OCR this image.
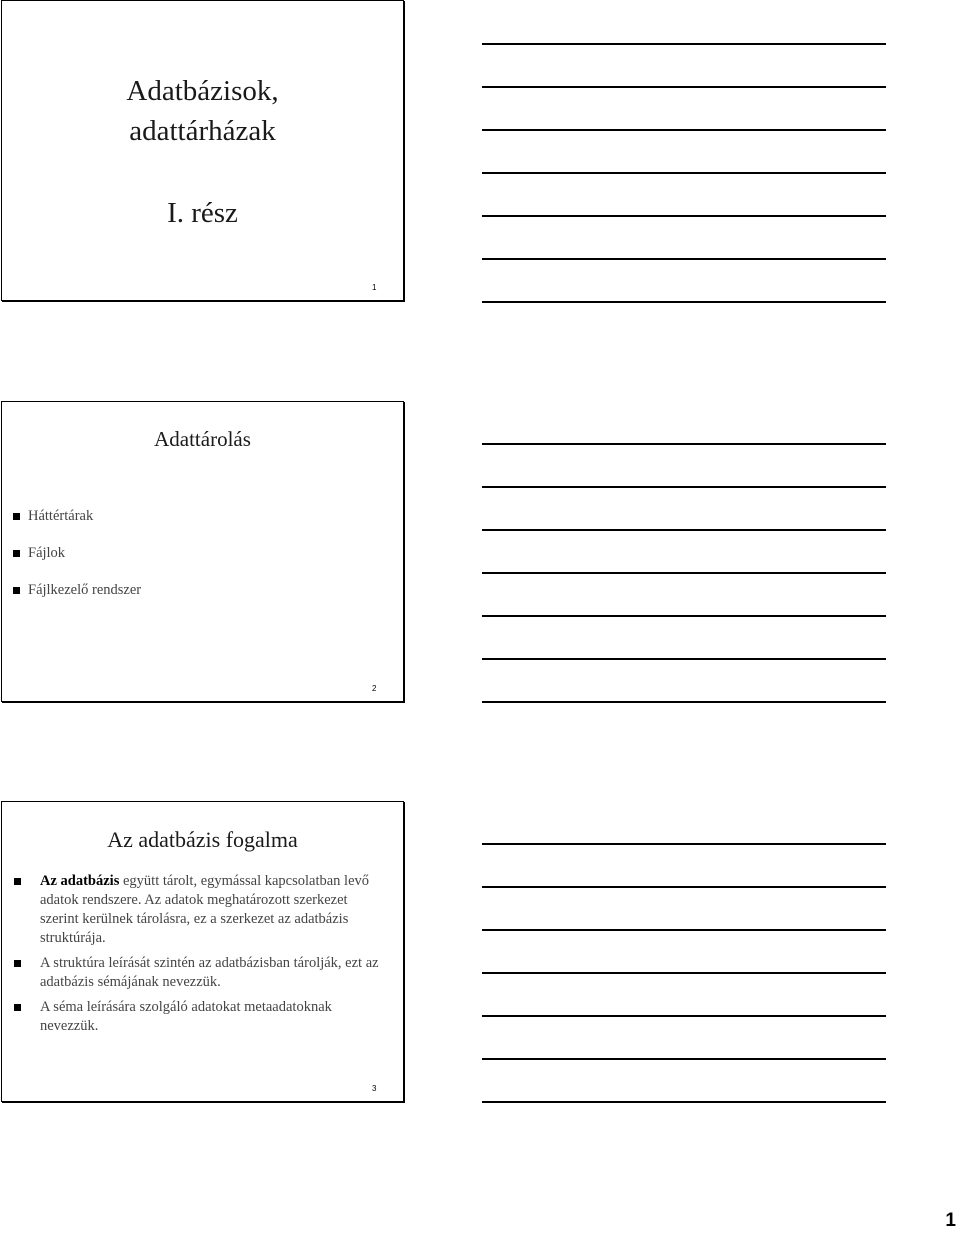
Adatbázisok,
adattárházak
I. rész
1
Adattárolás
Háttértárak
Fájlok
Fájlkezelő rendszer
2
Az adatbázis fogalma
Az adatbázis együtt tárolt, egymással kapcsolatban levő adatok rendszere. Az adatok meghatározott szerkezet szerint kerülnek tárolásra, ez a szerkezet az adatbázis struktúrája.
A struktúra leírását szintén az adatbázisban tárolják, ezt az adatbázis sémájának nevezzük.
A séma leírására szolgáló adatokat metaadatoknak nevezzük.
3
1
